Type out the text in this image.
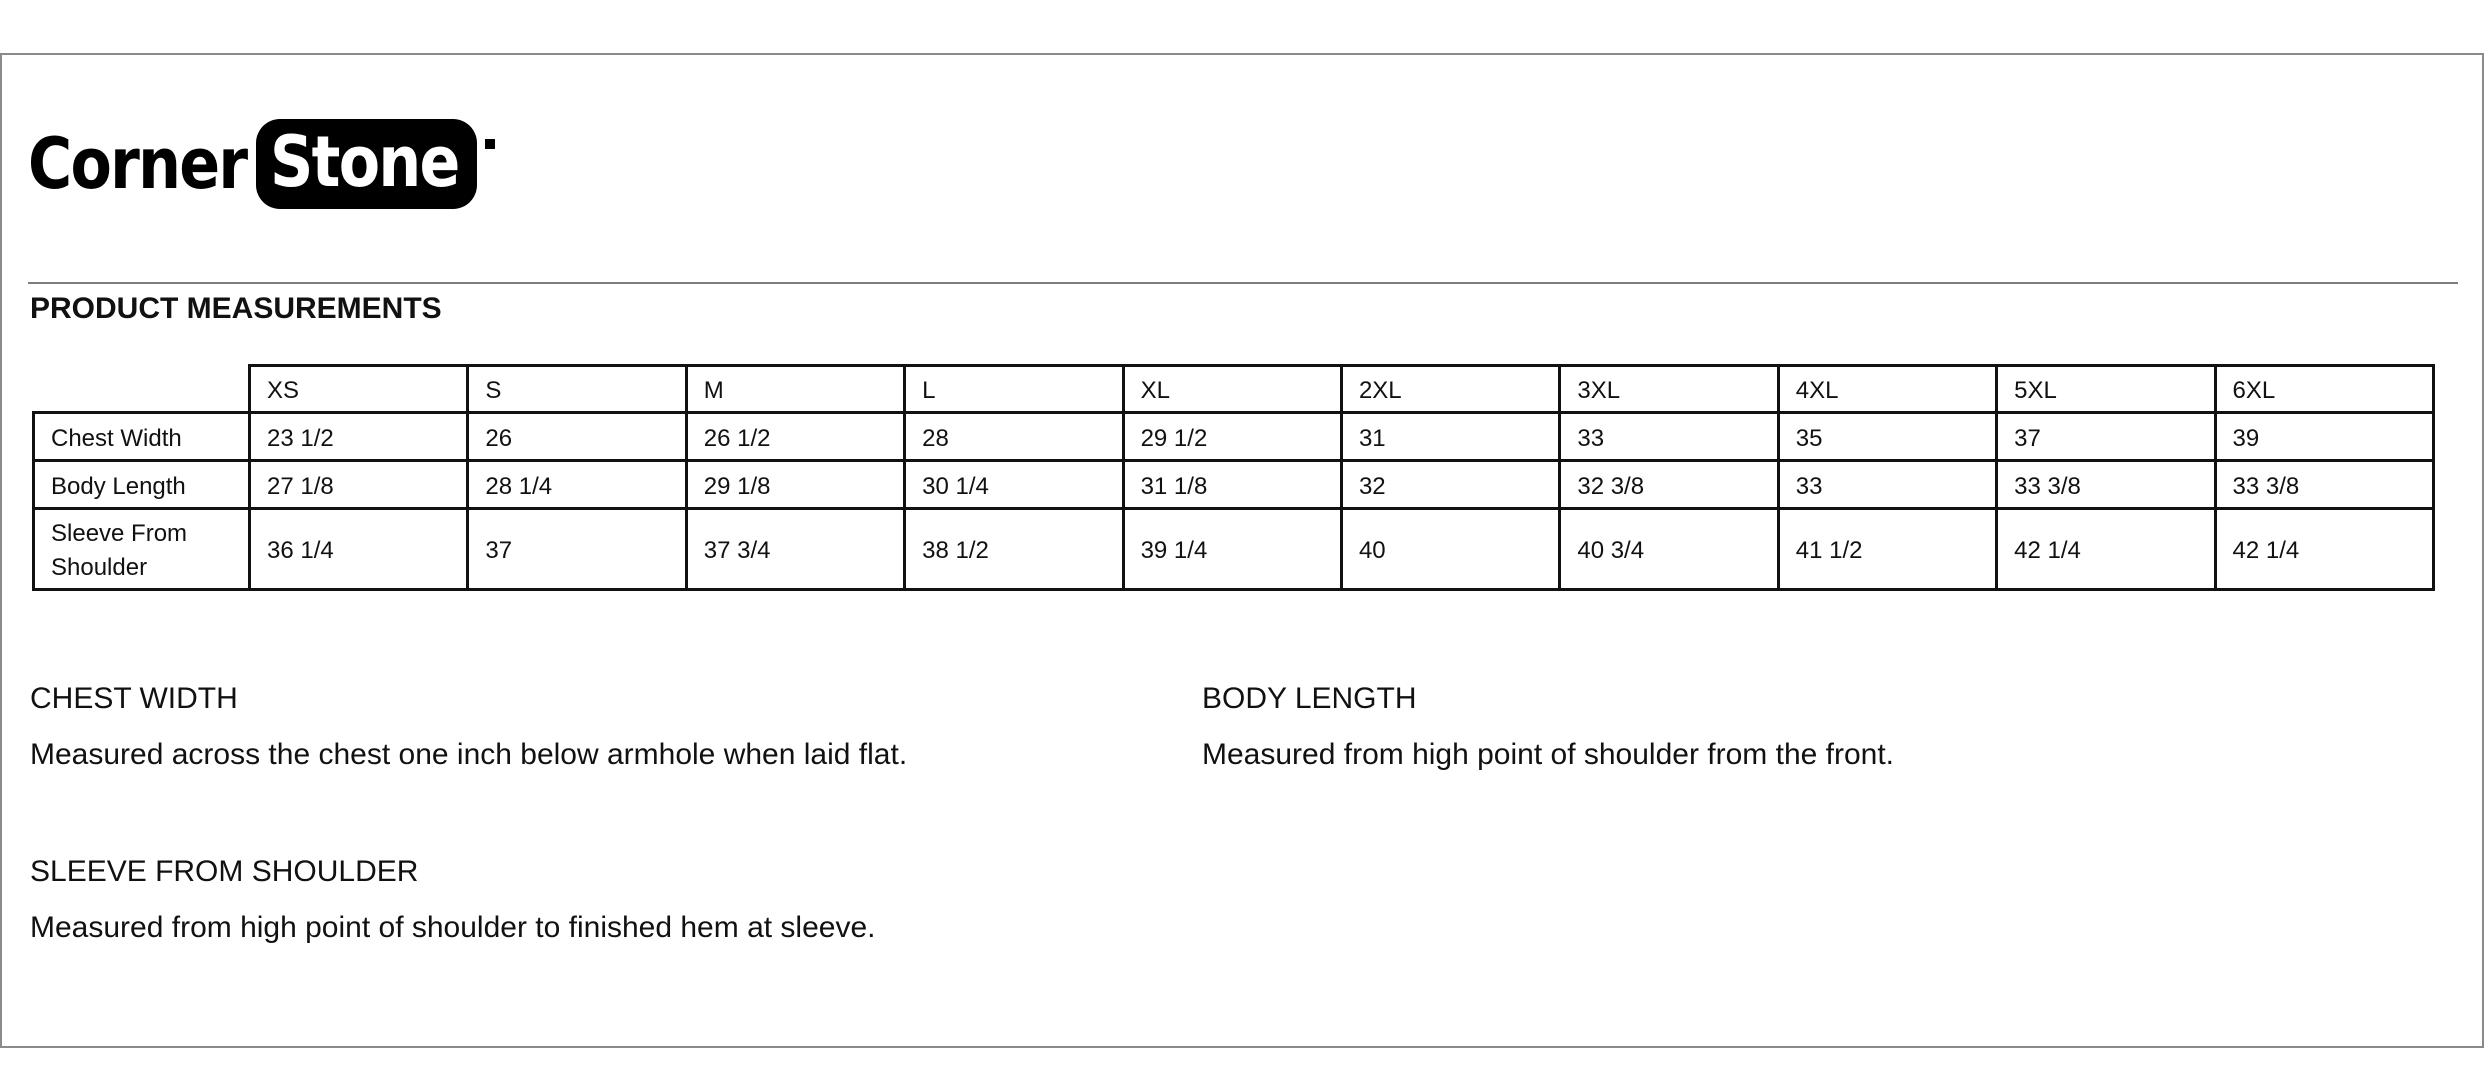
Corner Stone
PRODUCT MEASUREMENTS
	XS	S	M	L	XL	2XL	3XL	4XL	5XL	6XL
Chest Width	23 1/2	26	26 1/2	28	29 1/2	31	33	35	37	39
Body Length	27 1/8	28 1/4	29 1/8	30 1/4	31 1/8	32	32 3/8	33	33 3/8	33 3/8
Sleeve From
Shoulder	36 1/4	37	37 3/4	38 1/2	39 1/4	40	40 3/4	41 1/2	42 1/4	42 1/4

CHEST WIDTH

Measured across the chest one inch below armhole when laid flat.

BODY LENGTH

Measured from high point of shoulder from the front.

SLEEVE FROM SHOULDER

Measured from high point of shoulder to finished hem at sleeve.
